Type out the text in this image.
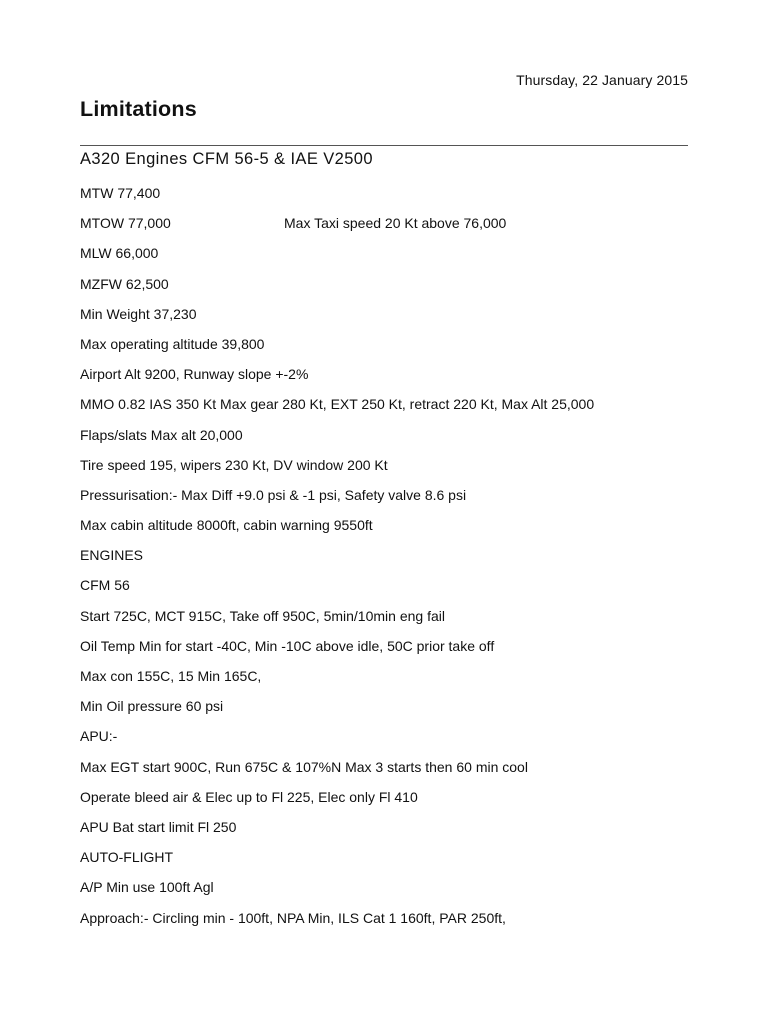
Thursday, 22 January 2015
Limitations
A320 Engines CFM 56-5 & IAE V2500
MTW 77,400
MTOW 77,000	Max Taxi speed 20 Kt above 76,000
MLW 66,000
MZFW 62,500
Min Weight 37,230
Max operating altitude 39,800
Airport Alt 9200, Runway slope +-2%
MMO 0.82 IAS 350 Kt Max gear 280 Kt, EXT 250 Kt, retract 220 Kt, Max Alt 25,000
Flaps/slats Max alt 20,000
Tire speed 195, wipers 230 Kt, DV window 200 Kt
Pressurisation:- Max Diff +9.0 psi & -1 psi, Safety valve 8.6 psi
Max cabin altitude 8000ft, cabin warning 9550ft
ENGINES
CFM 56
Start 725C, MCT 915C, Take off 950C, 5min/10min eng fail
Oil Temp Min for start -40C, Min -10C above idle, 50C prior take off
Max con 155C, 15 Min 165C,
Min Oil pressure 60 psi
APU:-
Max EGT start 900C, Run 675C & 107%N Max 3 starts then 60 min cool
Operate bleed air & Elec up to Fl 225, Elec only Fl 410
APU Bat start limit Fl 250
AUTO-FLIGHT
A/P Min use 100ft Agl
Approach:- Circling min - 100ft, NPA Min, ILS Cat 1 160ft, PAR 250ft,
